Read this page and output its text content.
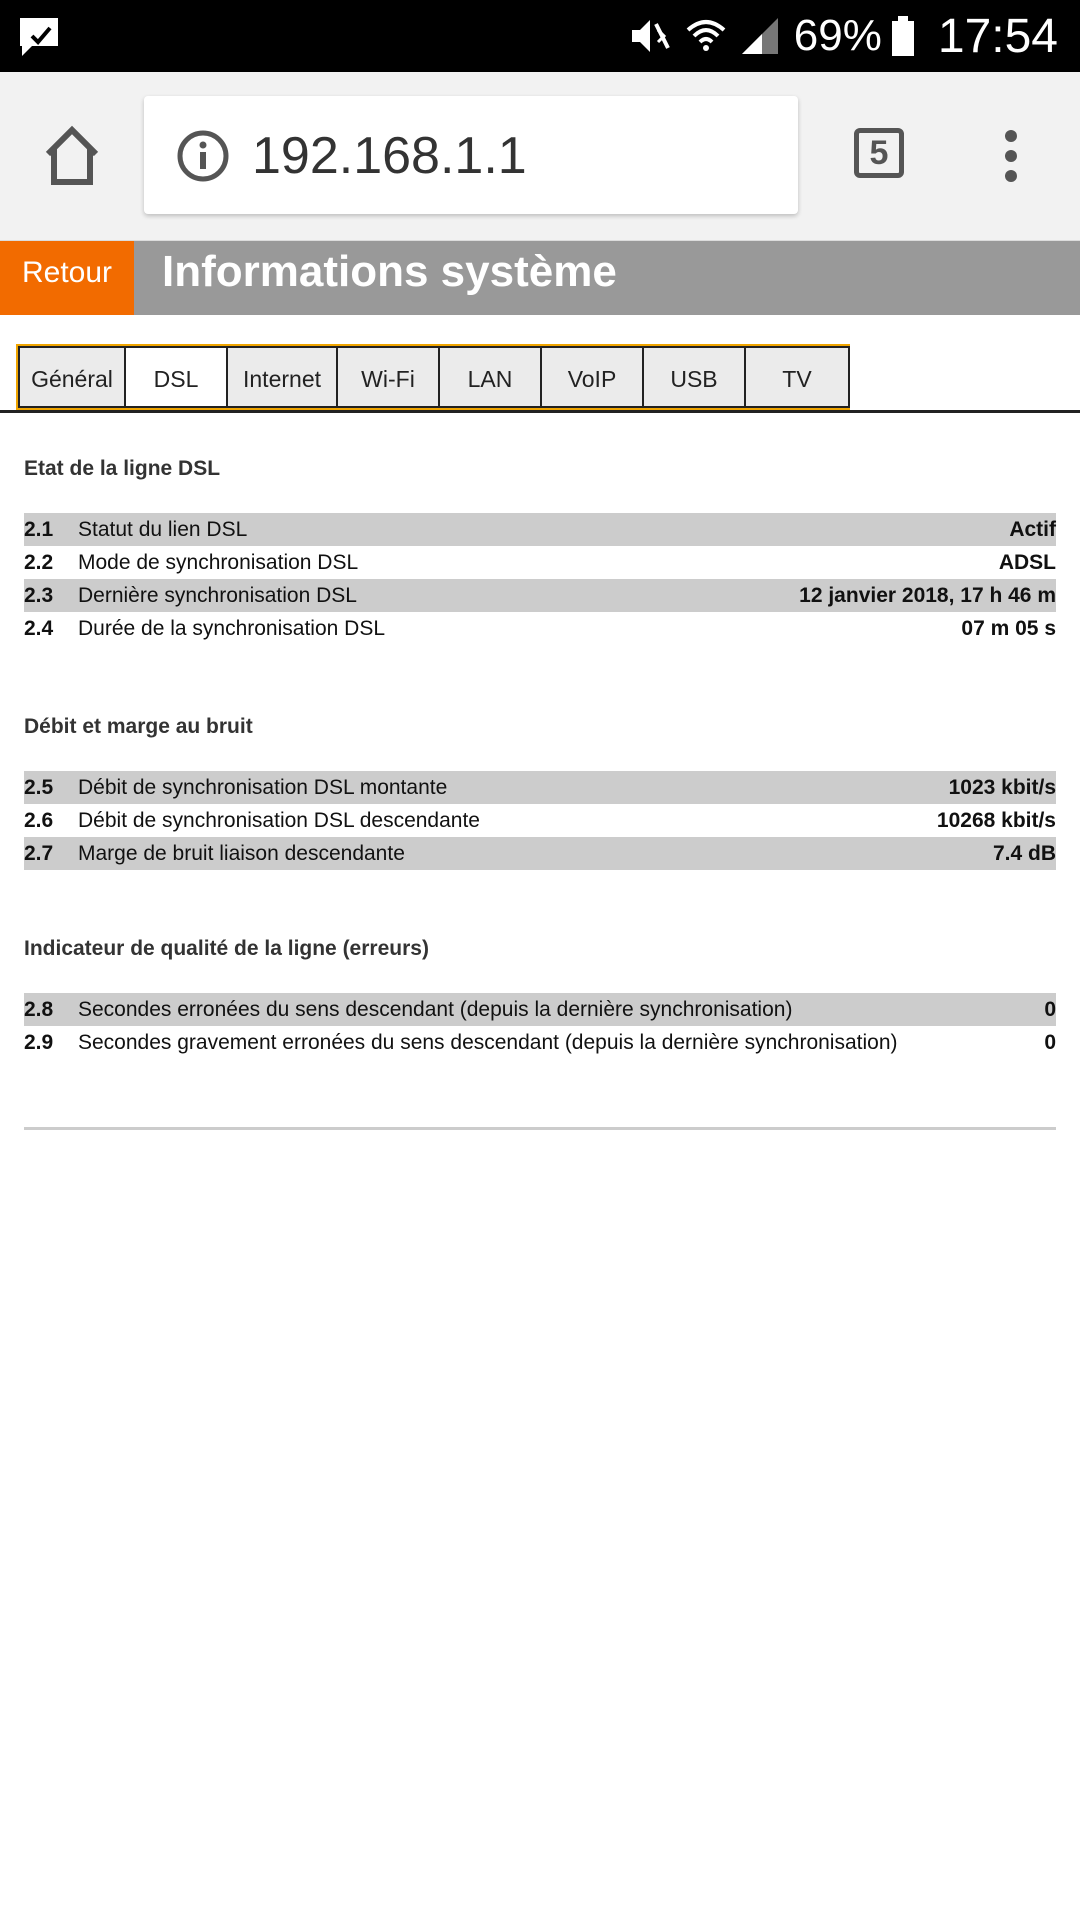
69% 17:54
192.168.1.1	5
Retour	Informations système
Général	DSL	Internet	Wi-Fi	LAN	VoIP	USB	TV
Etat de la ligne DSL
2.1	Statut du lien DSL	Actif
2.2	Mode de synchronisation DSL	ADSL
2.3	Dernière synchronisation DSL	12 janvier 2018, 17 h 46 m
2.4	Durée de la synchronisation DSL	07 m 05 s
Débit et marge au bruit
2.5	Débit de synchronisation DSL montante	1023 kbit/s
2.6	Débit de synchronisation DSL descendante	10268 kbit/s
2.7	Marge de bruit liaison descendante	7.4 dB
Indicateur de qualité de la ligne (erreurs)
2.8	Secondes erronées du sens descendant (depuis la dernière synchronisation)	0
2.9	Secondes gravement erronées du sens descendant (depuis la dernière synchronisation)	0
